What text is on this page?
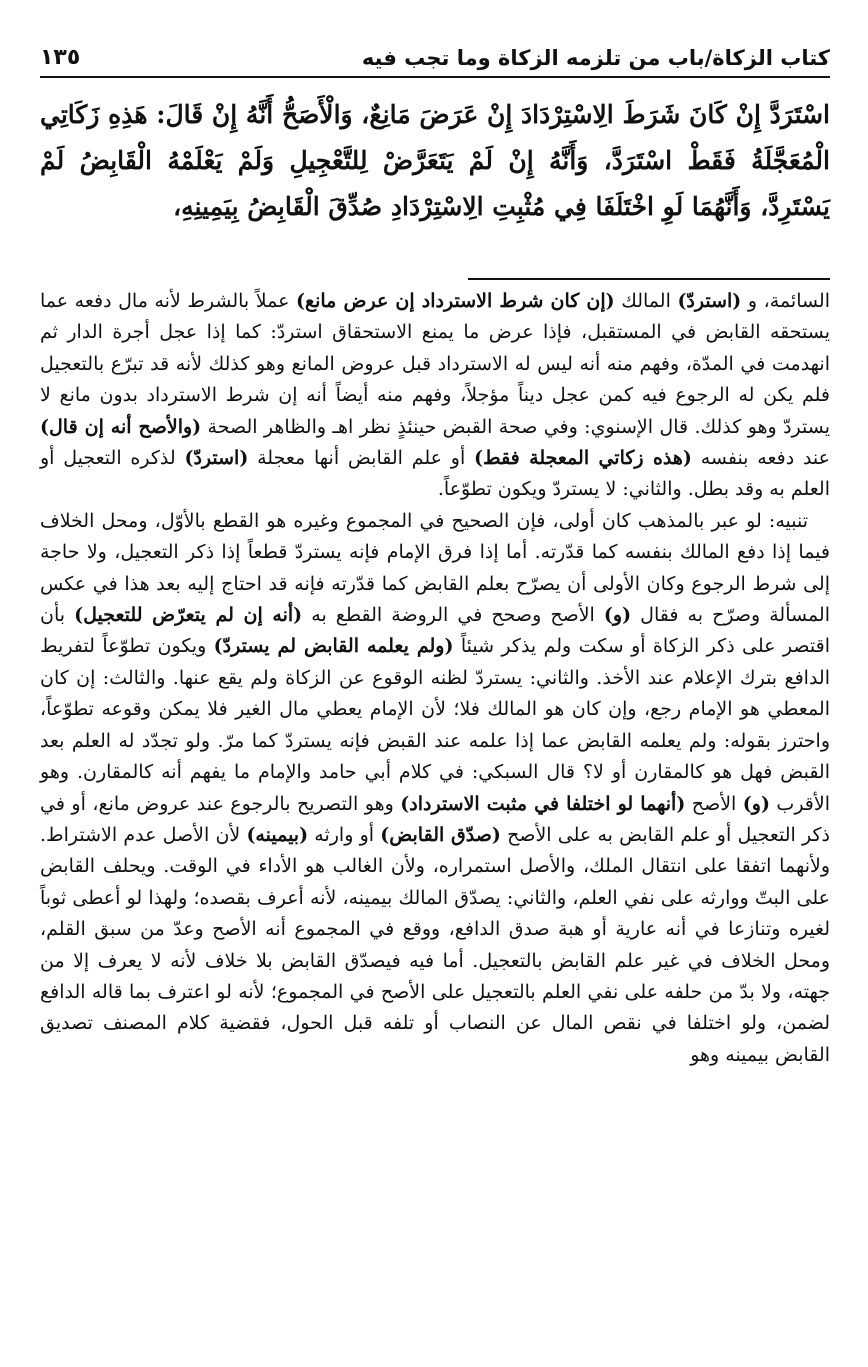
كتاب الزكاة/باب من تلزمه الزكاة وما تجب فيه
١٣٥

اسْتَرَدَّ إِنْ كَانَ شَرَطَ الِاسْتِرْدَادَ إِنْ عَرَضَ مَانِعٌ، وَالْأَصَحُّ أَنَّهُ إِنْ قَالَ: هَذِهِ زَكَاتِي الْمُعَجَّلَةُ فَقَطْ اسْتَرَدَّ، وَأَنَّهُ إِنْ لَمْ يَتَعَرَّضْ لِلتَّعْجِيلِ وَلَمْ يَعْلَمْهُ الْقَابِضُ لَمْ يَسْتَرِدَّ، وَأَنَّهُمَا لَوِ اخْتَلَفَا فِي مُثْبِتِ الِاسْتِرْدَادِ صُدِّقَ الْقَابِضُ بِيَمِينِهِ،

السائمة، و (استردّ) المالك (إن كان شرط الاسترداد إن عرض مانع) عملاً بالشرط لأنه مال دفعه عما يستحقه القابض في المستقبل، فإذا عرض ما يمنع الاستحقاق استردّ: كما إذا عجل أجرة الدار ثم انهدمت في المدّة، وفهم منه أنه ليس له الاسترداد قبل عروض المانع وهو كذلك لأنه قد تبرّع بالتعجيل فلم يكن له الرجوع فيه كمن عجل ديناً مؤجلاً، وفهم منه أيضاً أنه إن شرط الاسترداد بدون مانع لا يستردّ وهو كذلك. قال الإسنوي: وفي صحة القبض حينئذٍ نظر اهـ والظاهر الصحة (والأصح أنه إن قال) عند دفعه بنفسه (هذه زكاتي المعجلة فقط) أو علم القابض أنها معجلة (استردّ) لذكره التعجيل أو العلم به وقد بطل. والثاني: لا يستردّ ويكون تطوّعاً.

تنبيه: لو عبر بالمذهب كان أولى، فإن الصحيح في المجموع وغيره هو القطع بالأوّل، ومحل الخلاف فيما إذا دفع المالك بنفسه كما قدّرته. أما إذا فرق الإمام فإنه يستردّ قطعاً إذا ذكر التعجيل، ولا حاجة إلى شرط الرجوع وكان الأولى أن يصرّح بعلم القابض كما قدّرته فإنه قد احتاج إليه بعد هذا في عكس المسألة وصرّح به فقال (و) الأصح وصحح في الروضة القطع به (أنه إن لم يتعرّض للتعجيل) بأن اقتصر على ذكر الزكاة أو سكت ولم يذكر شيئاً (ولم يعلمه القابض لم يستردّ) ويكون تطوّعاً لتفريط الدافع بترك الإعلام عند الأخذ. والثاني: يستردّ لظنه الوقوع عن الزكاة ولم يقع عنها. والثالث: إن كان المعطي هو الإمام رجع، وإن كان هو المالك فلا؛ لأن الإمام يعطي مال الغير فلا يمكن وقوعه تطوّعاً، واحترز بقوله: ولم يعلمه القابض عما إذا علمه عند القبض فإنه يستردّ كما مرّ. ولو تجدّد له العلم بعد القبض فهل هو كالمقارن أو لا؟ قال السبكي: في كلام أبي حامد والإمام ما يفهم أنه كالمقارن. وهو الأقرب (و) الأصح (أنهما لو اختلفا في مثبت الاسترداد) وهو التصريح بالرجوع عند عروض مانع، أو في ذكر التعجيل أو علم القابض به على الأصح (صدّق القابض) أو وارثه (بيمينه) لأن الأصل عدم الاشتراط. ولأنهما اتفقا على انتقال الملك، والأصل استمراره، ولأن الغالب هو الأداء في الوقت. ويحلف القابض على البتّ ووارثه على نفي العلم، والثاني: يصدّق المالك بيمينه، لأنه أعرف بقصده؛ ولهذا لو أعطى ثوباً لغيره وتنازعا في أنه عارية أو هبة صدق الدافع، ووقع في المجموع أنه الأصح وعدّ من سبق القلم، ومحل الخلاف في غير علم القابض بالتعجيل. أما فيه فيصدّق القابض بلا خلاف لأنه لا يعرف إلا من جهته، ولا بدّ من حلفه على نفي العلم بالتعجيل على الأصح في المجموع؛ لأنه لو اعترف بما قاله الدافع لضمن، ولو اختلفا في نقص المال عن النصاب أو تلفه قبل الحول، فقضية كلام المصنف تصديق القابض بيمينه وهو
